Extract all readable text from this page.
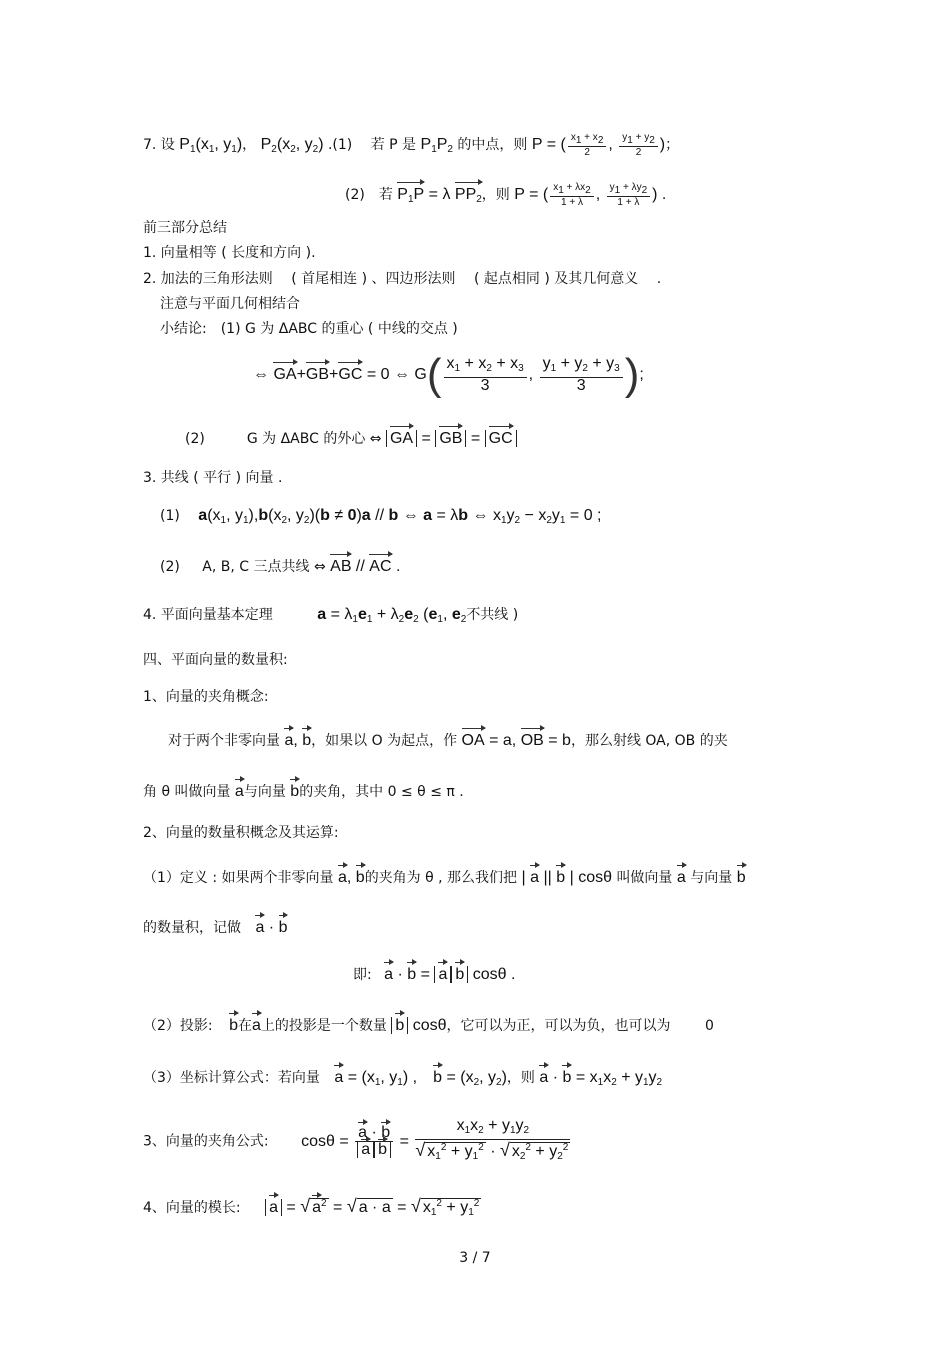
7. 设 $P_1(x_1$, $y_1$)， $P_2(x_2$, $y_2$) .(1) 　若 P 是 $P_1P_2$ 的中点，则 P = ( $\frac{x_1 + x_2}{2}$ , $\frac{y_1 + y_2}{2}$ )；
(2)　若 $P_1P = \lambda$ $PP_2$，则 P = ( $\frac{x_1 + \lambda x_2}{1 + \lambda}$ , $\frac{y_1 + \lambda y_2}{1 + \lambda}$ ) .
前三部分总结
1. 向量相等 ( 长度和方向 ).
2. 加法的三角形法则 　( 首尾相连 ) 、四边形法则 　( 起点相同 ) 及其几何意义 　.
注意与平面几何相结合
小结论:　(1) G 为 ΔABC 的重心 ( 中线的交点 )
⇔ GA+GB+GC = 0 ⇔ $G( \frac{x_1 + x_2 + x_3}{3}$ , $\frac{y_1 + y_2 + y_3}{3}$ );
(2)　　　G 为 ΔABC 的外心 ⇔ GA = GB = GC
3. 共线 ( 平行 ) 向量 .
(1) $a(x_1$, $y_1),b(x_2$, $y_2)(b \ne 0)a // b$ ⇔ a = λb ⇔ $x_1y_2 - x_2y_1 = 0$ ;
(2) A, B, C 三点共线 ⇔ AB // AC .
4. 平面向量基本定理	$a = \lambda_1e_1 + \lambda_2e_2$ ($e_1$, $e_2$不共线 )
四、平面向量的数量积:
1、向量的夹角概念:
对于两个非零向量 a, b，如果以 O 为起点，作 OA = a, OB = b，那么射线 OA, OB 的夹
角 θ 叫做向量 a与向量 b的夹角，其中 0 ≤ θ ≤ π .
2、向量的数量积概念及其运算:
（1）定义 : 如果两个非零向量 a, b的夹角为 θ , 那么我们把 | a || b | cosθ 叫做向量 a 与向量 b
的数量积，记做 a · b
即: a · b = a b cosθ .
（2）投影: b在a上的投影是一个数量 b cosθ，它可以为正，可以为负，也可以为 0
（3）坐标计算公式：若向量 $a = (x_1$, $y_1$) ,　$b = (x_2$, $y_2$)，则 $a \cdot b = x_1x_2 + y_1y_2$
3、向量的夹角公式: $\cos\theta = \frac{a \cdot b}{\text{a b}} = \frac{x_1x_2 + y_1y_2}{√ x_1^2 + y_1^2 \cdot √ x_2^2 + y_2^2}$
4、向量的模长: a = √ $a^2$ = √ a · a = √ $x_1^2 + y_1^2$
3 / 7
